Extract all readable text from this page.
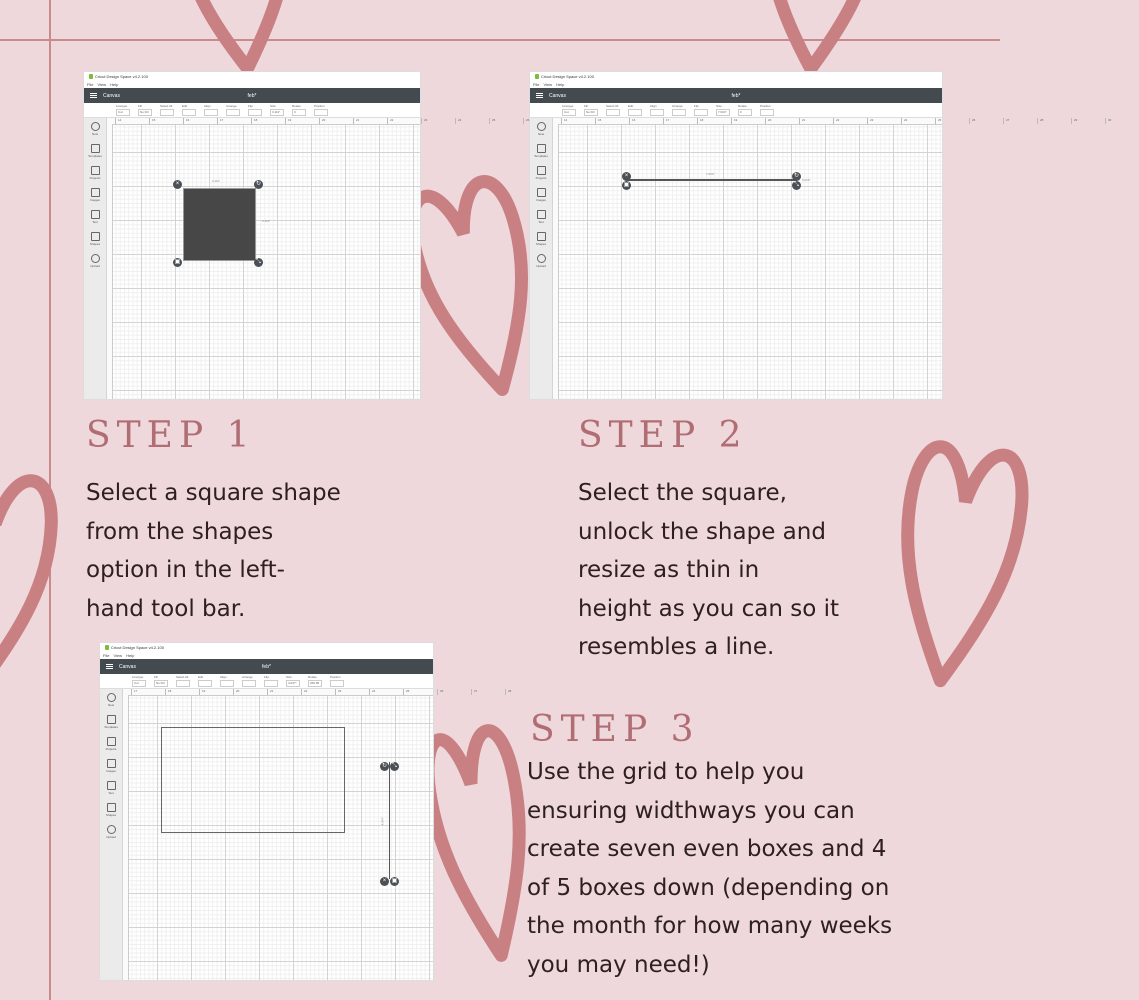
Cricut Design Space v4.2.100
File View Help
Canvas	feb*
Linetype
Cut
Fill
No Fill
Select All	Edit	Align	Arrange	Flip	Size
3.111"
Rotate
0
Position
New
Templates
Projects
Images
Text
Shapes
Upload
14	15	16	17	18	19	20	21	22	23	24	25	26
×	↻
▣	⤡
3.111"
3.111"
Cricut Design Space v4.2.100
File View Help
Canvas	feb*
Linetype
Cut
Fill
No Fill
Select All	Edit	Align	Arrange	Flip	Size
7.004"
Rotate
0
Position
New
Templates
Projects
Images
Text
Shapes
Upload
14	15	16	17	18	19	20	21	22	23	24	25	26	27	28	29	30
×	↻
▣	⤡
7.004"
0.069"
Cricut Design Space v4.2.100
File View Help
Canvas	feb*
Linetype
Cut
Fill
No Fill
Select All	Edit	Align	Arrange	Flip	Size
4.047"
Rotate
269.96
Position
New
Templates
Projects
Images
Text
Shapes
Upload
17	18	19	20	21	22	23	24	25	26	27	28
↻ ⤡
× ▣
4.047"
STEP 1
Select a square shape
from the shapes
option in the left-
hand tool bar.
STEP 2
Select the square,
unlock the shape and
resize as thin in
height as you can so it
resembles a line.
STEP 3
Use the grid to help you
ensuring widthways you can
create seven even boxes and 4
of 5 boxes down (depending on
the month for how many weeks
you may need!)
